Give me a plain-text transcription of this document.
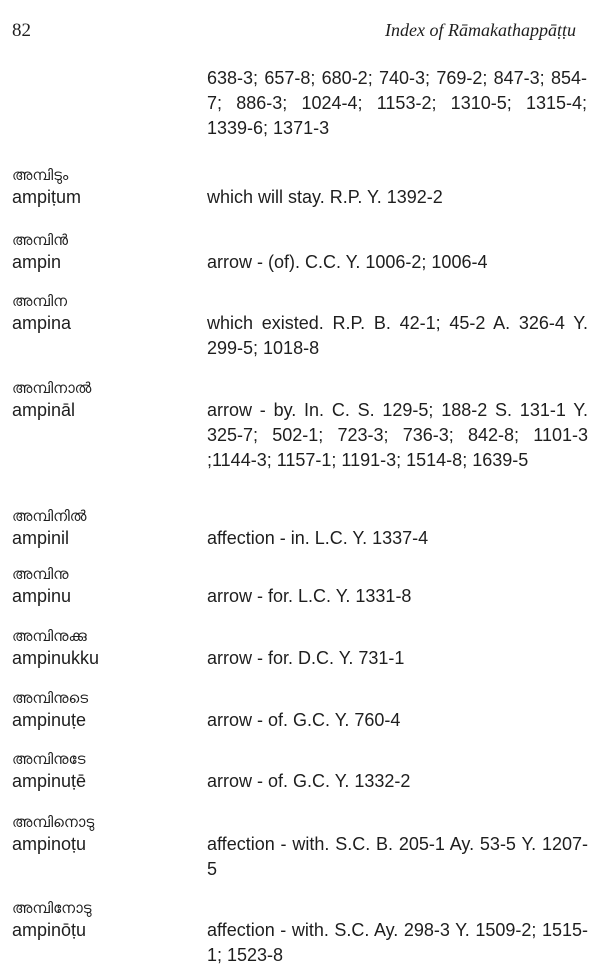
82	Index of Rāmakathappāṭṭu
638-3; 657-8; 680-2; 740-3; 769-2; 847-3; 854-7; 886-3; 1024-4; 1153-2; 1310-5; 1315-4; 1339-6; 1371-3
അമ്പിടും
ampiṭum	which will stay. R.P. Y. 1392-2
അമ്പിൻ
ampin	arrow - (of). C.C. Y. 1006-2; 1006-4
അമ്പിന
ampina	which existed. R.P. B. 42-1; 45-2 A. 326-4 Y. 299-5; 1018-8
അമ്പിനാൽ
ampināl	arrow - by. In. C. S. 129-5; 188-2 S. 131-1 Y. 325-7; 502-1; 723-3; 736-3; 842-8; 1101-3 ;1144-3; 1157-1; 1191-3; 1514-8; 1639-5
അമ്പിനിൽ
ampinil	affection - in. L.C. Y. 1337-4
അമ്പിനു
ampinu	arrow - for. L.C. Y. 1331-8
അമ്പിനുക്കു
ampinukku	arrow - for. D.C. Y. 731-1
അമ്പിനുടെ
ampinuṭe	arrow - of. G.C. Y. 760-4
അമ്പിനുടേ
ampinuṭē	arrow - of. G.C. Y. 1332-2
അമ്പിനൊടു
ampinoṭu	affection - with. S.C. B. 205-1 Ay. 53-5 Y. 1207-5
അമ്പിനോടു
ampinōṭu	affection - with. S.C. Ay. 298-3 Y. 1509-2; 1515-1; 1523-8
